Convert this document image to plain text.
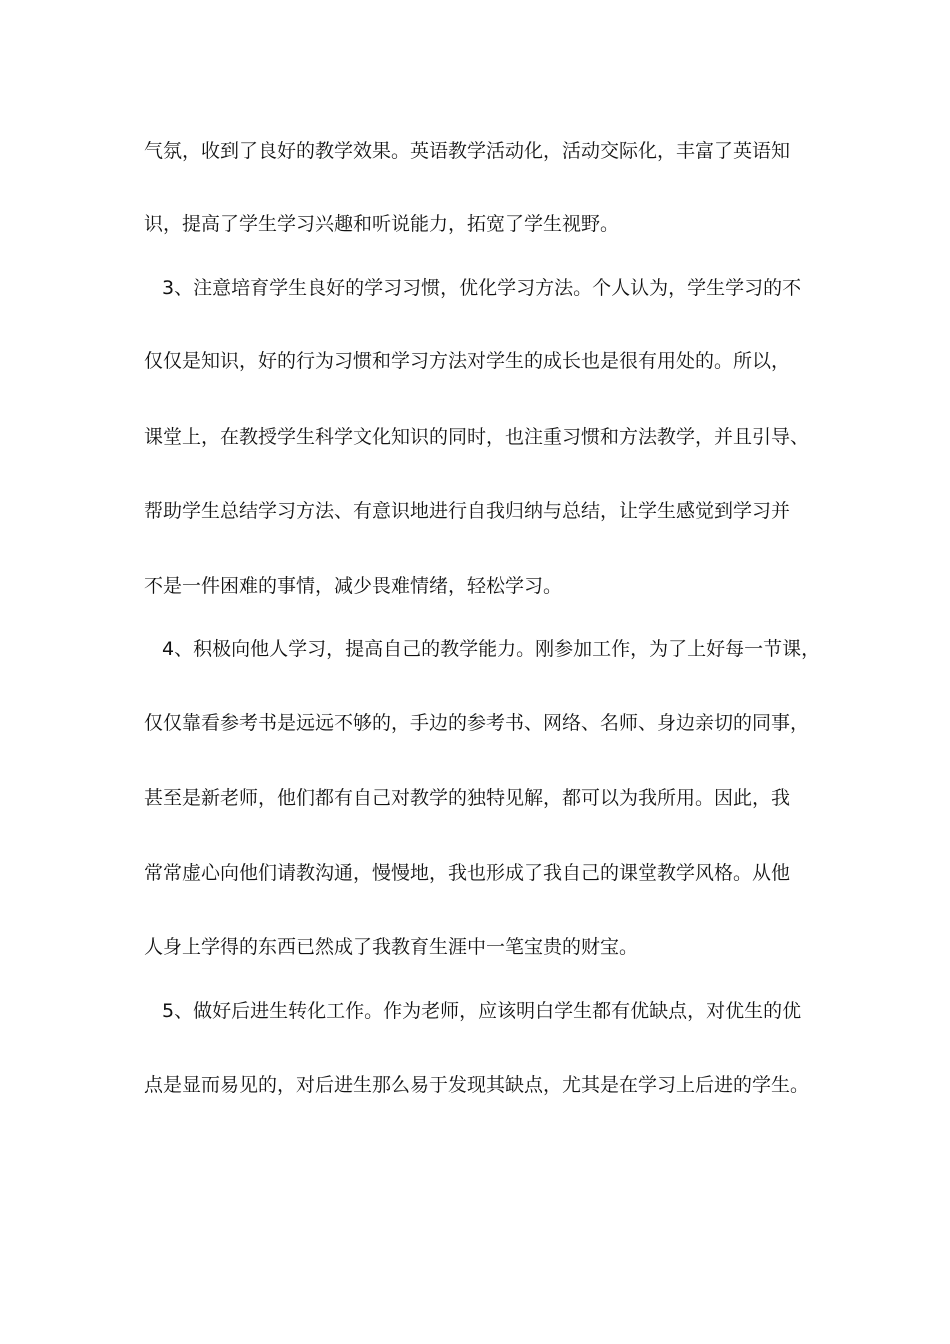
气氛，收到了良好的教学效果。英语教学活动化，活动交际化，丰富了英语知
识，提高了学生学习兴趣和听说能力，拓宽了学生视野。
3、注意培育学生良好的学习习惯，优化学习方法。个人认为，学生学习的不
仅仅是知识，好的行为习惯和学习方法对学生的成长也是很有用处的。所以，
课堂上，在教授学生科学文化知识的同时，也注重习惯和方法教学，并且引导、
帮助学生总结学习方法、有意识地进行自我归纳与总结，让学生感觉到学习并
不是一件困难的事情，减少畏难情绪，轻松学习。
4、积极向他人学习，提高自己的教学能力。刚参加工作，为了上好每一节课，
仅仅靠看参考书是远远不够的，手边的参考书、网络、名师、身边亲切的同事，
甚至是新老师，他们都有自己对教学的独特见解，都可以为我所用。因此，我
常常虚心向他们请教沟通，慢慢地，我也形成了我自己的课堂教学风格。从他
人身上学得的东西已然成了我教育生涯中一笔宝贵的财宝。
5、做好后进生转化工作。作为老师，应该明白学生都有优缺点，对优生的优
点是显而易见的，对后进生那么易于发现其缺点，尤其是在学习上后进的学生。
